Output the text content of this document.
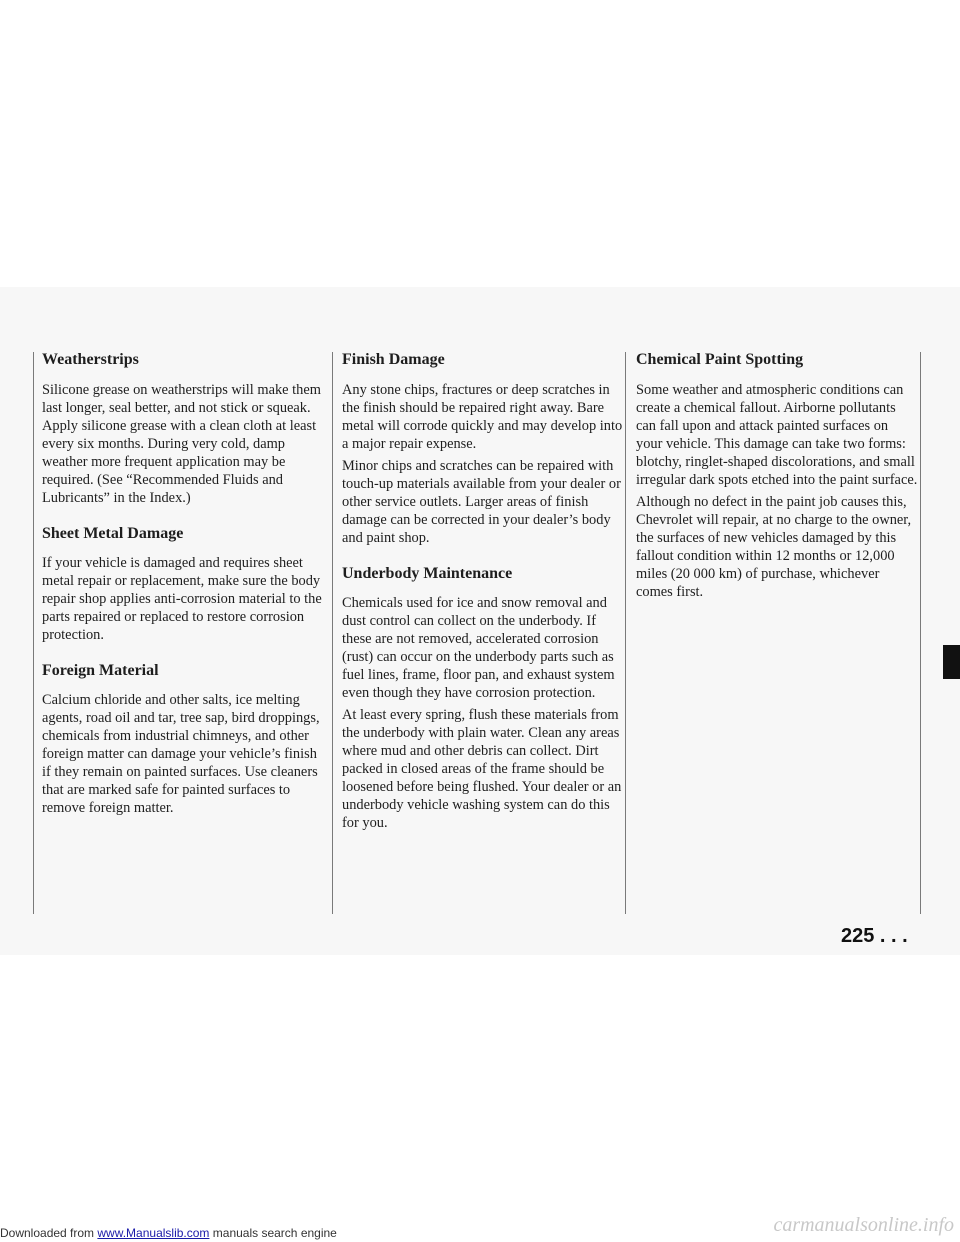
Weatherstrips

Silicone grease on weatherstrips will make them last longer, seal better, and not stick or squeak. Apply silicone grease with a clean cloth at least every six months. During very cold, damp weather more frequent application may be required. (See “Recommended Fluids and Lubricants” in the Index.)

Sheet Metal Damage

If your vehicle is damaged and requires sheet metal repair or replacement, make sure the body repair shop applies anti-corrosion material to the parts repaired or replaced to restore corrosion protection.

Foreign Material

Calcium chloride and other salts, ice melting agents, road oil and tar, tree sap, bird droppings, chemicals from industrial chimneys, and other foreign matter can damage your vehicle’s finish if they remain on painted surfaces. Use cleaners that are marked safe for painted surfaces to remove foreign matter.

Finish Damage

Any stone chips, fractures or deep scratches in the finish should be repaired right away. Bare metal will corrode quickly and may develop into a major repair expense.

Minor chips and scratches can be repaired with touch-up materials available from your dealer or other service outlets. Larger areas of finish damage can be corrected in your dealer’s body and paint shop.

Underbody Maintenance

Chemicals used for ice and snow removal and dust control can collect on the underbody. If these are not removed, accelerated corrosion (rust) can occur on the underbody parts such as fuel lines, frame, floor pan, and exhaust system even though they have corrosion protection.

At least every spring, flush these materials from the underbody with plain water. Clean any areas where mud and other debris can collect. Dirt packed in closed areas of the frame should be loosened before being flushed. Your dealer or an underbody vehicle washing system can do this for you.

Chemical Paint Spotting

Some weather and atmospheric conditions can create a chemical fallout. Airborne pollutants can fall upon and attack painted surfaces on your vehicle. This damage can take two forms: blotchy, ringlet-shaped discolorations, and small irregular dark spots etched into the paint surface.

Although no defect in the paint job causes this, Chevrolet will repair, at no charge to the owner, the surfaces of new vehicles damaged by this fallout condition within 12 months or 12,000 miles (20 000 km) of purchase, whichever comes first.

225 . . .
Downloaded from www.Manualslib.com manuals search engine	carmanualsonline.info
